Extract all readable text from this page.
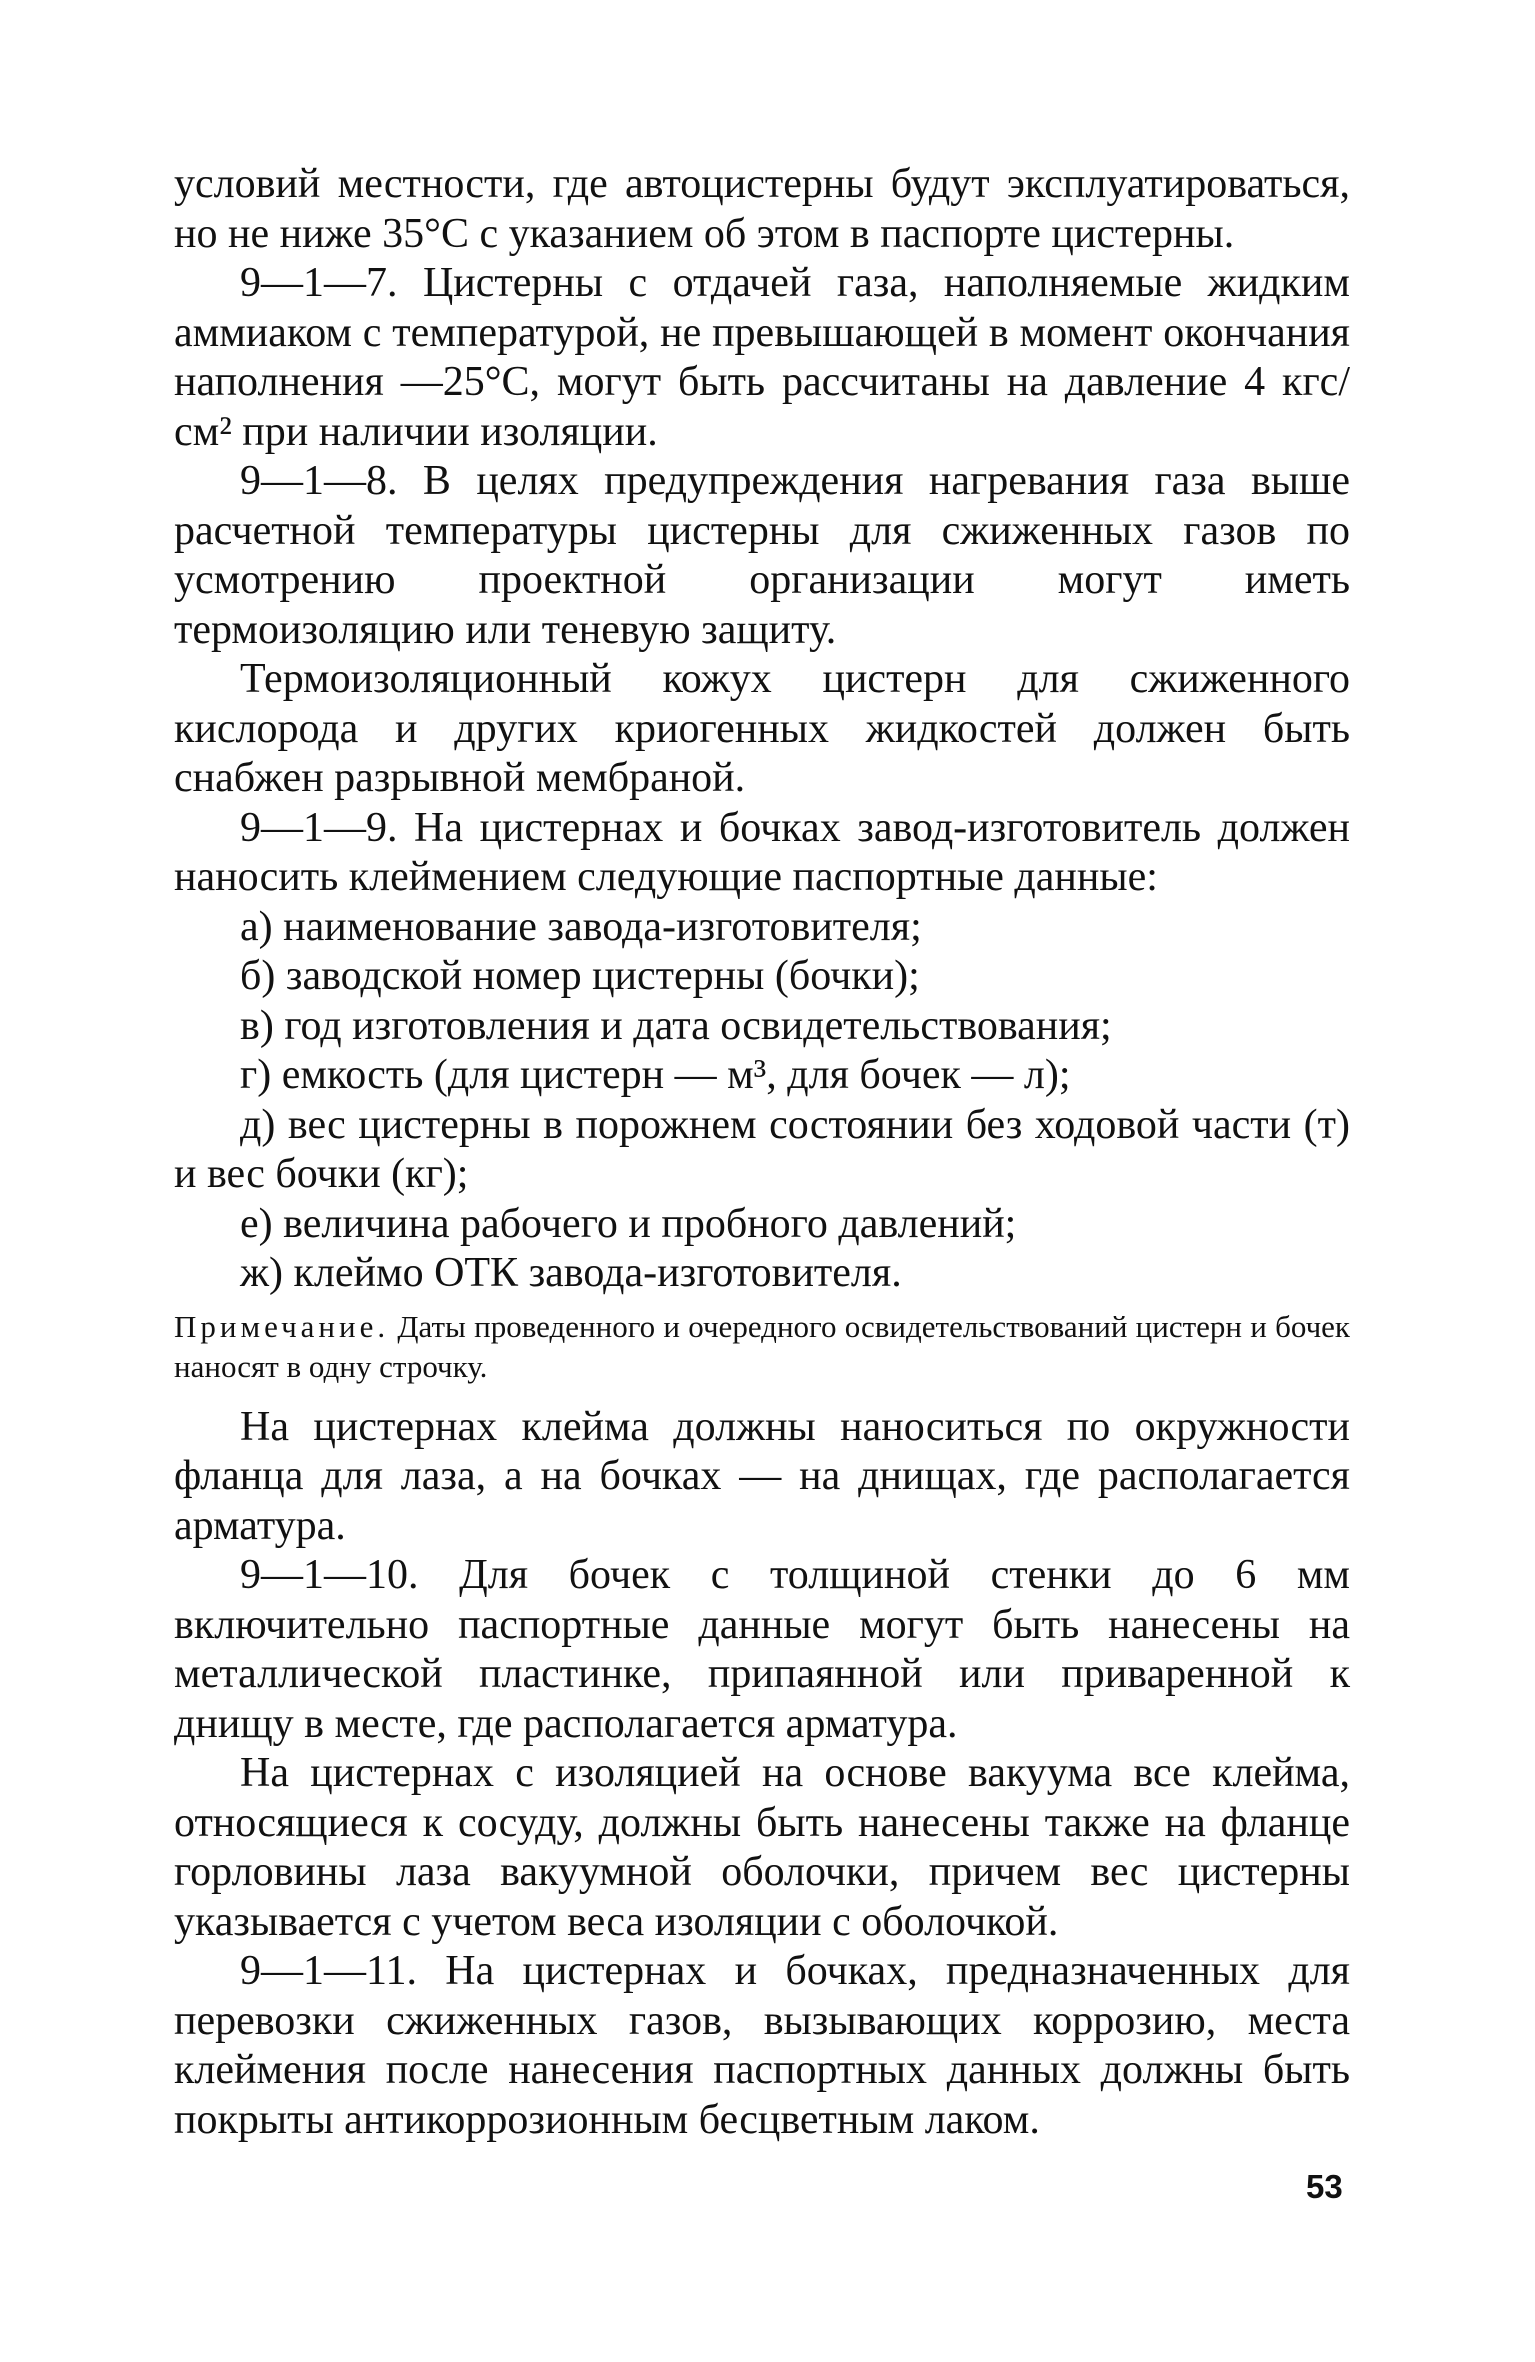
условий местности, где автоцистерны будут эксплуатироваться, но не ниже 35°С с указанием об этом в паспорте цистерны.

9—1—7. Цистерны с отдачей газа, наполняемые жидким аммиаком с температурой, не превышающей в момент окончания наполнения —25°С, могут быть рассчитаны на давление 4 кгс/см² при наличии изоляции.

9—1—8. В целях предупреждения нагревания газа выше расчетной температуры цистерны для сжиженных газов по усмотрению проектной организации могут иметь термоизоляцию или теневую защиту.

Термоизоляционный кожух цистерн для сжиженного кислорода и других криогенных жидкостей должен быть снабжен разрывной мембраной.

9—1—9. На цистернах и бочках завод-изготовитель должен наносить клеймением следующие паспортные данные:

а) наименование завода-изготовителя;

б) заводской номер цистерны (бочки);

в) год изготовления и дата освидетельствования;

г) емкость (для цистерн — м³, для бочек — л);

д) вес цистерны в порожнем состоянии без ходовой части (т) и вес бочки (кг);

е) величина рабочего и пробного давлений;

ж) клеймо ОТК завода-изготовителя.

Примечание. Даты проведенного и очередного освидетельствований цистерн и бочек наносят в одну строчку.

На цистернах клейма должны наноситься по окружности фланца для лаза, а на бочках — на днищах, где располагается арматура.

9—1—10. Для бочек с толщиной стенки до 6 мм включительно паспортные данные могут быть нанесены на металлической пластинке, припаянной или приваренной к днищу в месте, где располагается арматура.

На цистернах с изоляцией на основе вакуума все клейма, относящиеся к сосуду, должны быть нанесены также на фланце горловины лаза вакуумной оболочки, причем вес цистерны указывается с учетом веса изоляции с оболочкой.

9—1—11. На цистернах и бочках, предназначенных для перевозки сжиженных газов, вызывающих коррозию, места клеймения после нанесения паспортных данных должны быть покрыты антикоррозионным бесцветным лаком.

53
